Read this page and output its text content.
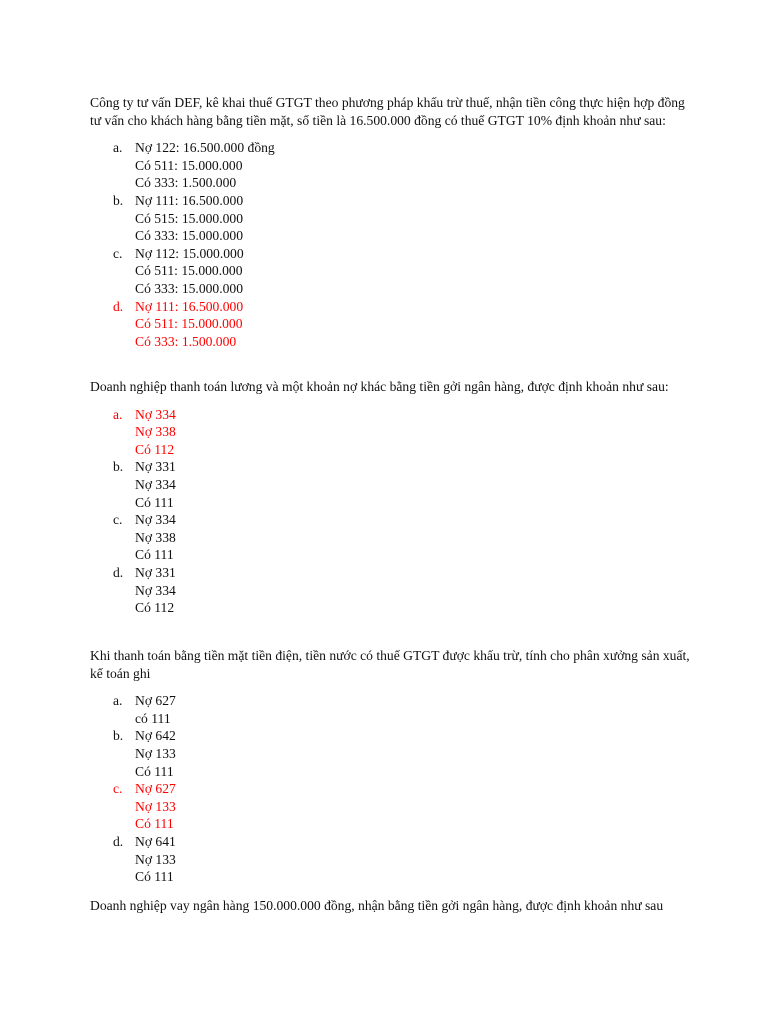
Công ty tư vấn DEF, kê khai thuế GTGT theo phương pháp khấu trừ thuế, nhận tiền công thực hiện hợp đồng tư vấn cho khách hàng bằng tiền mặt, số tiền là 16.500.000 đồng có thuế GTGT 10% định khoản như sau:

a. Nợ 122: 16.500.000 đồng
Có 511: 15.000.000
Có 333: 1.500.000
b. Nợ 111: 16.500.000
Có 515: 15.000.000
Có 333: 15.000.000
c. Nợ 112: 15.000.000
Có 511: 15.000.000
Có 333: 15.000.000
d. Nợ 111: 16.500.000
Có 511: 15.000.000
Có 333: 1.500.000

Doanh nghiệp thanh toán lương và một khoản nợ khác bằng tiền gởi ngân hàng, được định khoản như sau:

a. Nợ 334
Nợ 338
Có 112
b. Nợ 331
Nợ 334
Có 111
c. Nợ 334
Nợ 338
Có 111
d. Nợ 331
Nợ 334
Có 112

Khi thanh toán bằng tiền mặt tiền điện, tiền nước có thuế GTGT được khấu trừ, tính cho phân xưởng sản xuất, kế toán ghi

a. Nợ 627
có 111
b. Nợ 642
Nợ 133
Có 111
c. Nợ 627
Nợ 133
Có 111
d. Nợ 641
Nợ 133
Có 111

Doanh nghiệp vay ngân hàng 150.000.000 đồng, nhận bằng tiền gởi ngân hàng, được định khoản như sau
